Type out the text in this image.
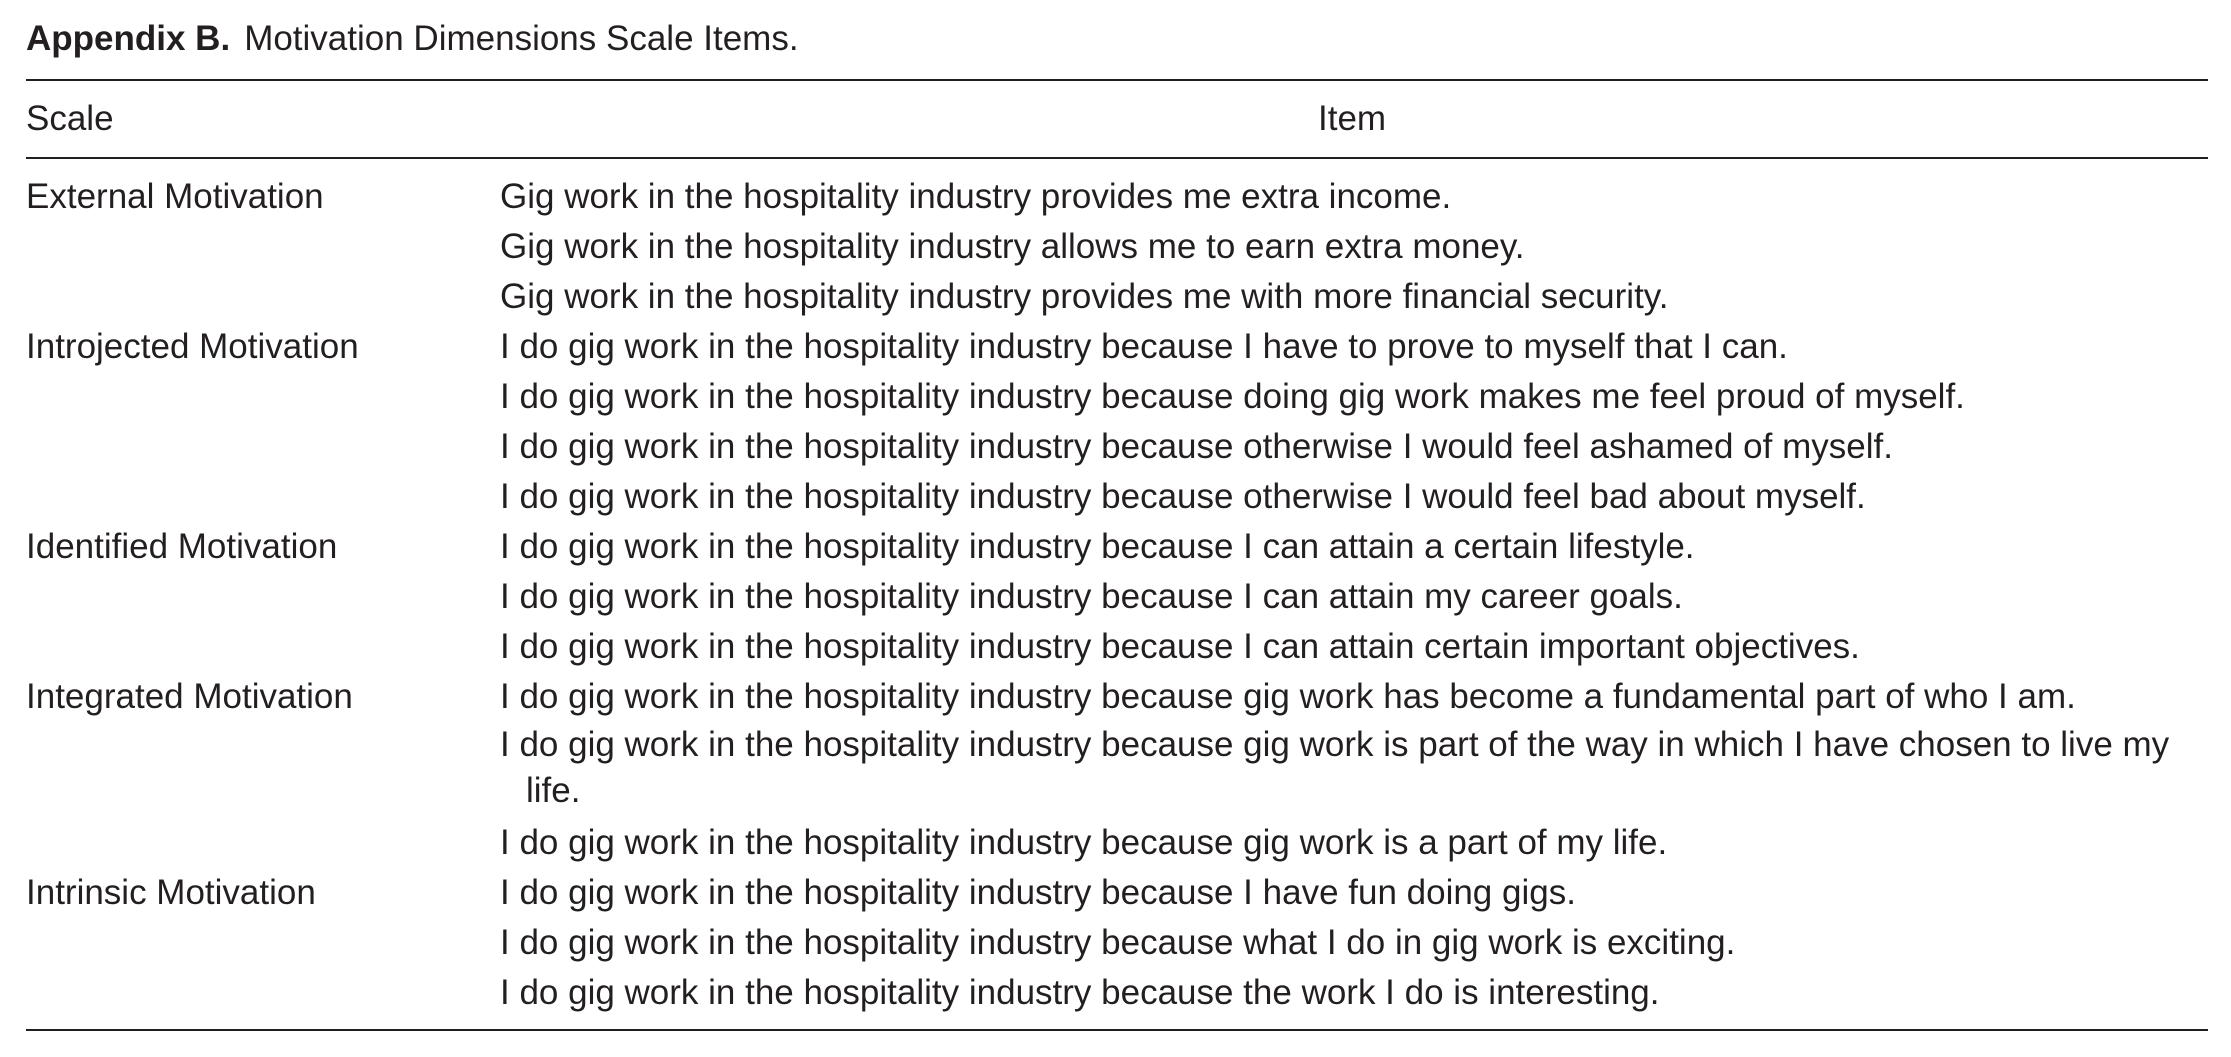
Appendix B. Motivation Dimensions Scale Items.
Scale	Item
External Motivation	Gig work in the hospitality industry provides me extra income.
Gig work in the hospitality industry allows me to earn extra money.
Gig work in the hospitality industry provides me with more financial security.
Introjected Motivation	I do gig work in the hospitality industry because I have to prove to myself that I can.
I do gig work in the hospitality industry because doing gig work makes me feel proud of myself.
I do gig work in the hospitality industry because otherwise I would feel ashamed of myself.
I do gig work in the hospitality industry because otherwise I would feel bad about myself.
Identified Motivation	I do gig work in the hospitality industry because I can attain a certain lifestyle.
I do gig work in the hospitality industry because I can attain my career goals.
I do gig work in the hospitality industry because I can attain certain important objectives.
Integrated Motivation	I do gig work in the hospitality industry because gig work has become a fundamental part of who I am.
I do gig work in the hospitality industry because gig work is part of the way in which I have chosen to live my life.
I do gig work in the hospitality industry because gig work is a part of my life.
Intrinsic Motivation	I do gig work in the hospitality industry because I have fun doing gigs.
I do gig work in the hospitality industry because what I do in gig work is exciting.
I do gig work in the hospitality industry because the work I do is interesting.
